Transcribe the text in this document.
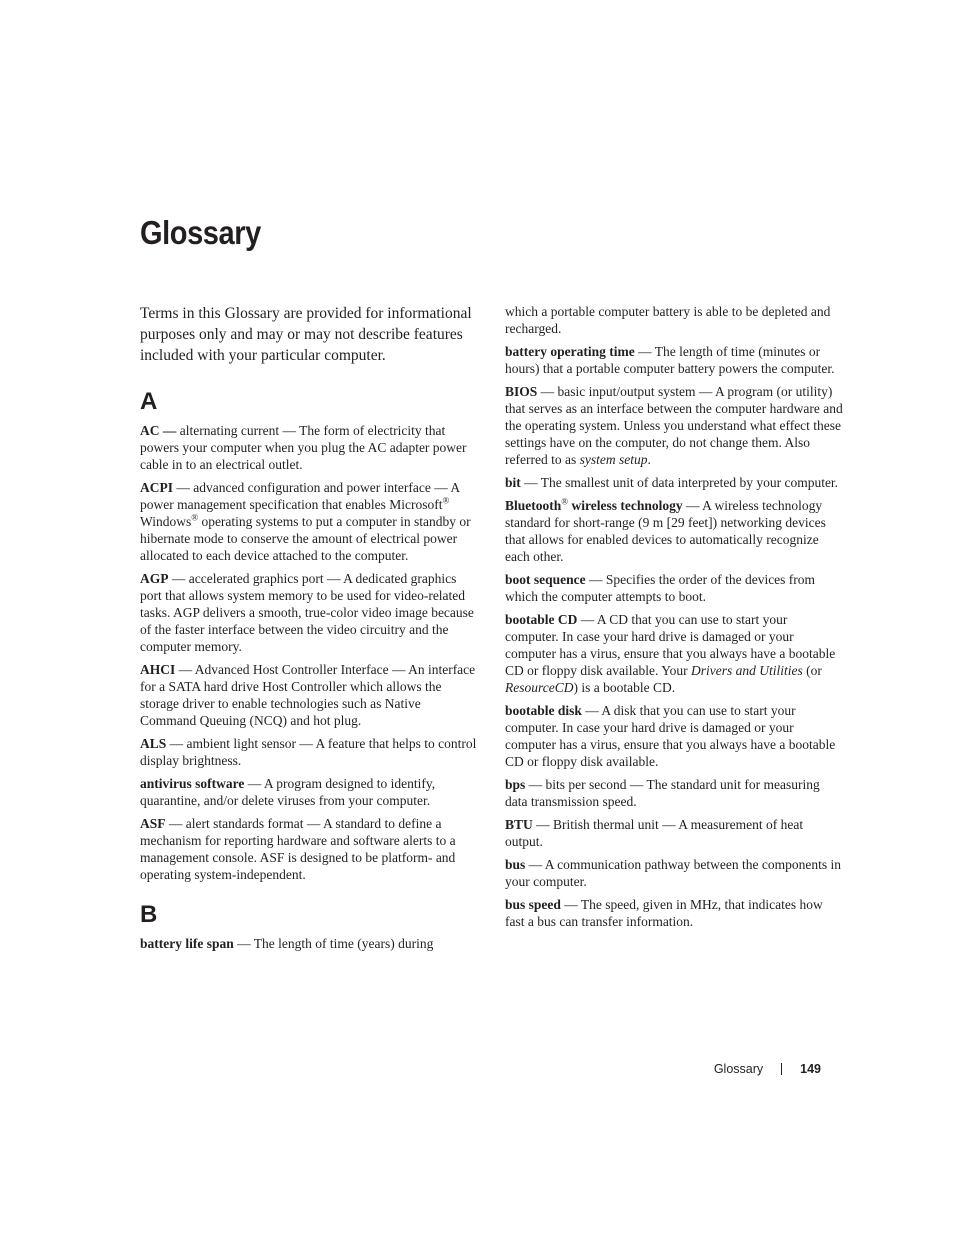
Glossary

Terms in this Glossary are provided for informational purposes only and may or may not describe features included with your particular computer.

A

AC — alternating current — The form of electricity that powers your computer when you plug the AC adapter power cable in to an electrical outlet.

ACPI — advanced configuration and power interface — A power management specification that enables Microsoft® Windows® operating systems to put a computer in standby or hibernate mode to conserve the amount of electrical power allocated to each device attached to the computer.

AGP — accelerated graphics port — A dedicated graphics port that allows system memory to be used for video-related tasks. AGP delivers a smooth, true-color video image because of the faster interface between the video circuitry and the computer memory.

AHCI — Advanced Host Controller Interface — An interface for a SATA hard drive Host Controller which allows the storage driver to enable technologies such as Native Command Queuing (NCQ) and hot plug.

ALS — ambient light sensor — A feature that helps to control display brightness.

antivirus software — A program designed to identify, quarantine, and/or delete viruses from your computer.

ASF — alert standards format — A standard to define a mechanism for reporting hardware and software alerts to a management console. ASF is designed to be platform- and operating system-independent.

B

battery life span — The length of time (years) during

which a portable computer battery is able to be depleted and recharged.

battery operating time — The length of time (minutes or hours) that a portable computer battery powers the computer.

BIOS — basic input/output system — A program (or utility) that serves as an interface between the computer hardware and the operating system. Unless you understand what effect these settings have on the computer, do not change them. Also referred to as system setup.

bit — The smallest unit of data interpreted by your computer.

Bluetooth® wireless technology — A wireless technology standard for short-range (9 m [29 feet]) networking devices that allows for enabled devices to automatically recognize each other.

boot sequence — Specifies the order of the devices from which the computer attempts to boot.

bootable CD — A CD that you can use to start your computer. In case your hard drive is damaged or your computer has a virus, ensure that you always have a bootable CD or floppy disk available. Your Drivers and Utilities (or ResourceCD) is a bootable CD.

bootable disk — A disk that you can use to start your computer. In case your hard drive is damaged or your computer has a virus, ensure that you always have a bootable CD or floppy disk available.

bps — bits per second — The standard unit for measuring data transmission speed.

BTU — British thermal unit — A measurement of heat output.

bus — A communication pathway between the components in your computer.

bus speed — The speed, given in MHz, that indicates how fast a bus can transfer information.

Glossary	149
